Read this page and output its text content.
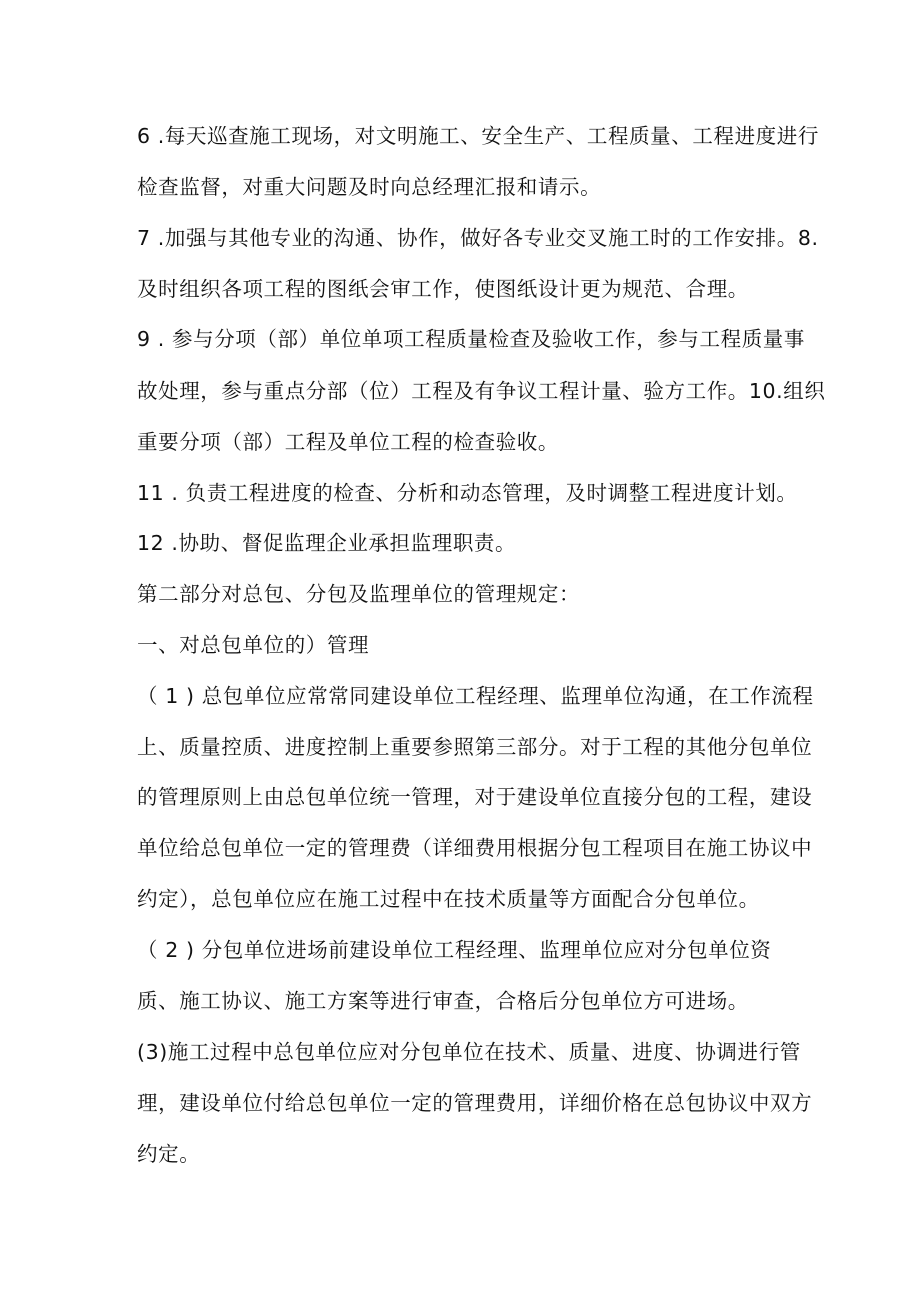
6 .每天巡查施工现场，对文明施工、安全生产、工程质量、工程进度进行
检查监督，对重大问题及时向总经理汇报和请示。
7 .加强与其他专业的沟通、协作，做好各专业交叉施工时的工作安排。8.
及时组织各项工程的图纸会审工作，使图纸设计更为规范、合理。
9 . 参与分项（部）单位单项工程质量检查及验收工作，参与工程质量事
故处理，参与重点分部（位）工程及有争议工程计量、验方工作。10.组织
重要分项（部）工程及单位工程的检查验收。
11 . 负责工程进度的检查、分析和动态管理，及时调整工程进度计划。
12 .协助、督促监理企业承担监理职责。
第二部分对总包、分包及监理单位的管理规定：
一、对总包单位的）管理
（ 1 ) 总包单位应常常同建设单位工程经理、监理单位沟通，在工作流程
上、质量控质、进度控制上重要参照第三部分。对于工程的其他分包单位
的管理原则上由总包单位统一管理，对于建设单位直接分包的工程，建设
单位给总包单位一定的管理费（详细费用根据分包工程项目在施工协议中
约定），总包单位应在施工过程中在技术质量等方面配合分包单位。
（ 2 ) 分包单位进场前建设单位工程经理、监理单位应对分包单位资
质、施工协议、施工方案等进行审查，合格后分包单位方可进场。
(3)施工过程中总包单位应对分包单位在技术、质量、进度、协调进行管
理，建设单位付给总包单位一定的管理费用，详细价格在总包协议中双方
约定。
